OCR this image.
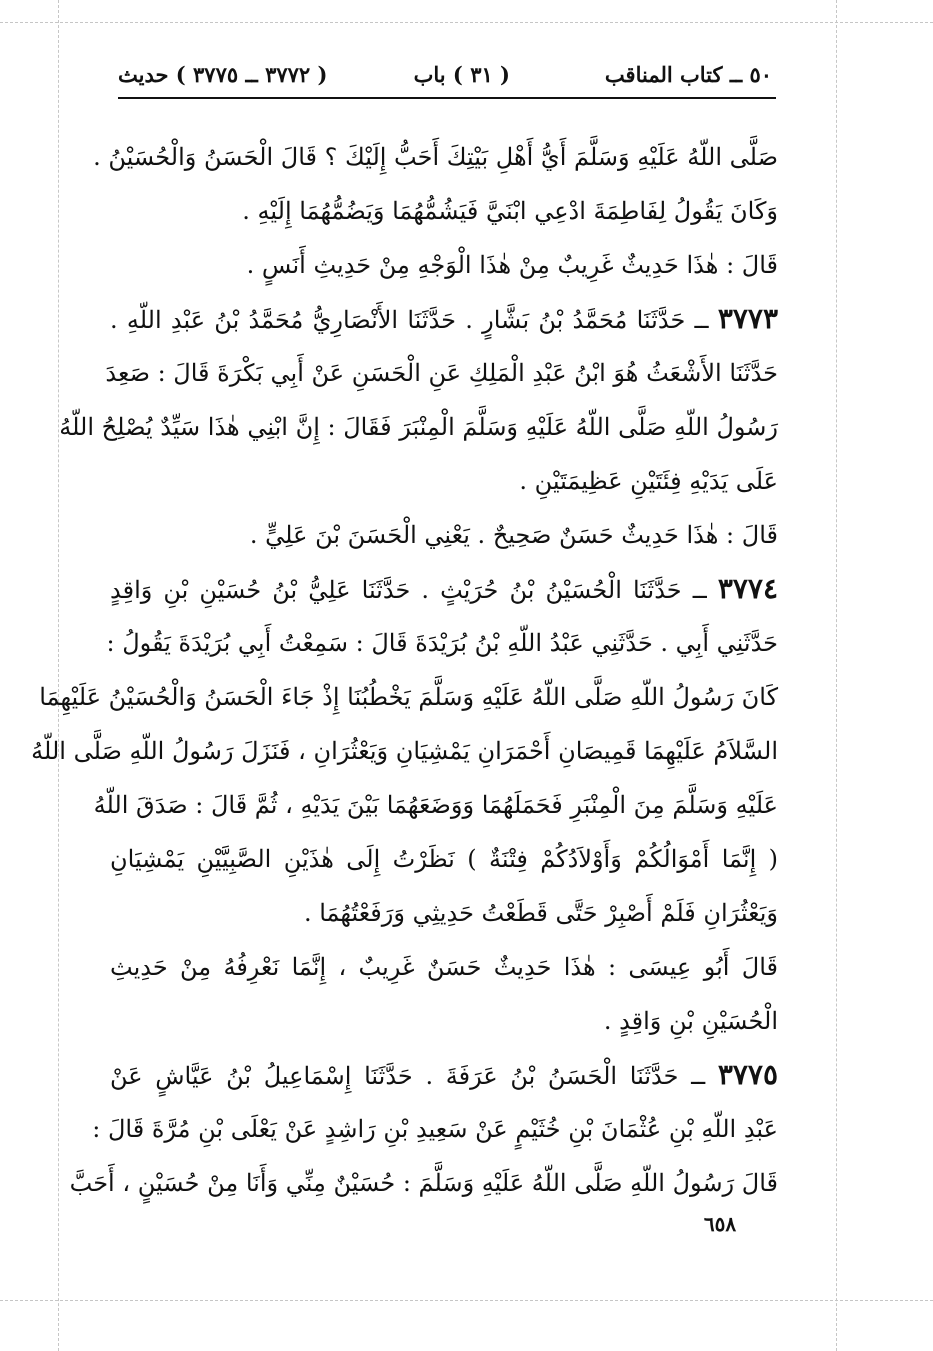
٥٠ ــ كتاب المناقب
( ٣١ ) باب
( ٣٧٧٢ ــ ٣٧٧٥ ) حديث
صَلَّى اللّهُ عَلَيْهِ وَسَلَّمَ أَيُّ أَهْلِ بَيْتِكَ أَحَبُّ إِلَيْكَ ؟ قَالَ الْحَسَنُ وَالْحُسَيْنُ .
وَكَانَ يَقُولُ لِفَاطِمَةَ ادْعِي ابْنَيَّ فَيَشُمُّهُمَا وَيَضُمُّهُمَا إِلَيْهِ .
قَالَ : هٰذَا حَدِيثٌ غَرِيبٌ مِنْ هٰذَا الْوَجْهِ مِنْ حَدِيثِ أَنَسٍ .
٣٧٧٣ ــ حَدَّثَنَا مُحَمَّدُ بْنُ بَشَّارٍ . حَدَّثَنَا الأَنْصَارِيُّ مُحَمَّدُ بْنُ عَبْدِ اللّهِ .
حَدَّثَنَا الأَشْعَثُ هُوَ ابْنُ عَبْدِ الْمَلِكِ عَنِ الْحَسَنِ عَنْ أَبِي بَكْرَةَ قَالَ : صَعِدَ
رَسُولُ اللّهِ صَلَّى اللّهُ عَلَيْهِ وَسَلَّمَ الْمِنْبَرَ فَقَالَ : إِنَّ ابْنِي هٰذَا سَيِّدٌ يُصْلِحُ اللّهُ
عَلَى يَدَيْهِ فِئَتَيْنِ عَظِيمَتَيْنِ .
قَالَ : هٰذَا حَدِيثٌ حَسَنٌ صَحِيحٌ . يَعْنِي الْحَسَنَ بْنَ عَلِيٍّ .
٣٧٧٤ ــ حَدَّثَنَا الْحُسَيْنُ بْنُ حُرَيْثٍ . حَدَّثَنَا عَلِيُّ بْنُ حُسَيْنِ بْنِ وَاقِدٍ
حَدَّثَنِي أَبِي . حَدَّثَنِي عَبْدُ اللّهِ بْنُ بُرَيْدَةَ قَالَ : سَمِعْتُ أَبِي بُرَيْدَةَ يَقُولُ :
كَانَ رَسُولُ اللّهِ صَلَّى اللّهُ عَلَيْهِ وَسَلَّمَ يَخْطُبُنَا إِذْ جَاءَ الْحَسَنُ وَالْحُسَيْنُ عَلَيْهِمَا
السَّلاَمُ عَلَيْهِمَا قَمِيصَانِ أَحْمَرَانِ يَمْشِيَانِ وَيَعْثُرَانِ ، فَنَزَلَ رَسُولُ اللّهِ صَلَّى اللّهُ
عَلَيْهِ وَسَلَّمَ مِنَ الْمِنْبَرِ فَحَمَلَهُمَا وَوَضَعَهُمَا بَيْنَ يَدَيْهِ ، ثُمَّ قَالَ : صَدَقَ اللّهُ
( إِنَّمَا أَمْوَالُكُمْ وَأَوْلاَدُكُمْ فِتْنَةٌ ) نَظَرْتُ إِلَى هٰذَيْنِ الصَّبِيَّيْنِ يَمْشِيَانِ
وَيَعْثُرَانِ فَلَمْ أَصْبِرْ حَتَّى قَطَعْتُ حَدِيثِي وَرَفَعْتُهُمَا .
قَالَ أَبُو عِيسَى : هٰذَا حَدِيثٌ حَسَنٌ غَرِيبٌ ، إِنَّمَا نَعْرِفُهُ مِنْ حَدِيثِ
الْحُسَيْنِ بْنِ وَاقِدٍ .
٣٧٧٥ ــ حَدَّثَنَا الْحَسَنُ بْنُ عَرَفَةَ . حَدَّثَنَا إِسْمَاعِيلُ بْنُ عَيَّاشٍ عَنْ
عَبْدِ اللّهِ بْنِ عُثْمَانَ بْنِ خُثَيْمٍ عَنْ سَعِيدِ بْنِ رَاشِدٍ عَنْ يَعْلَى بْنِ مُرَّةَ قَالَ :
قَالَ رَسُولُ اللّهِ صَلَّى اللّهُ عَلَيْهِ وَسَلَّمَ : حُسَيْنٌ مِنِّي وَأَنَا مِنْ حُسَيْنٍ ، أَحَبَّ
٦٥٨
